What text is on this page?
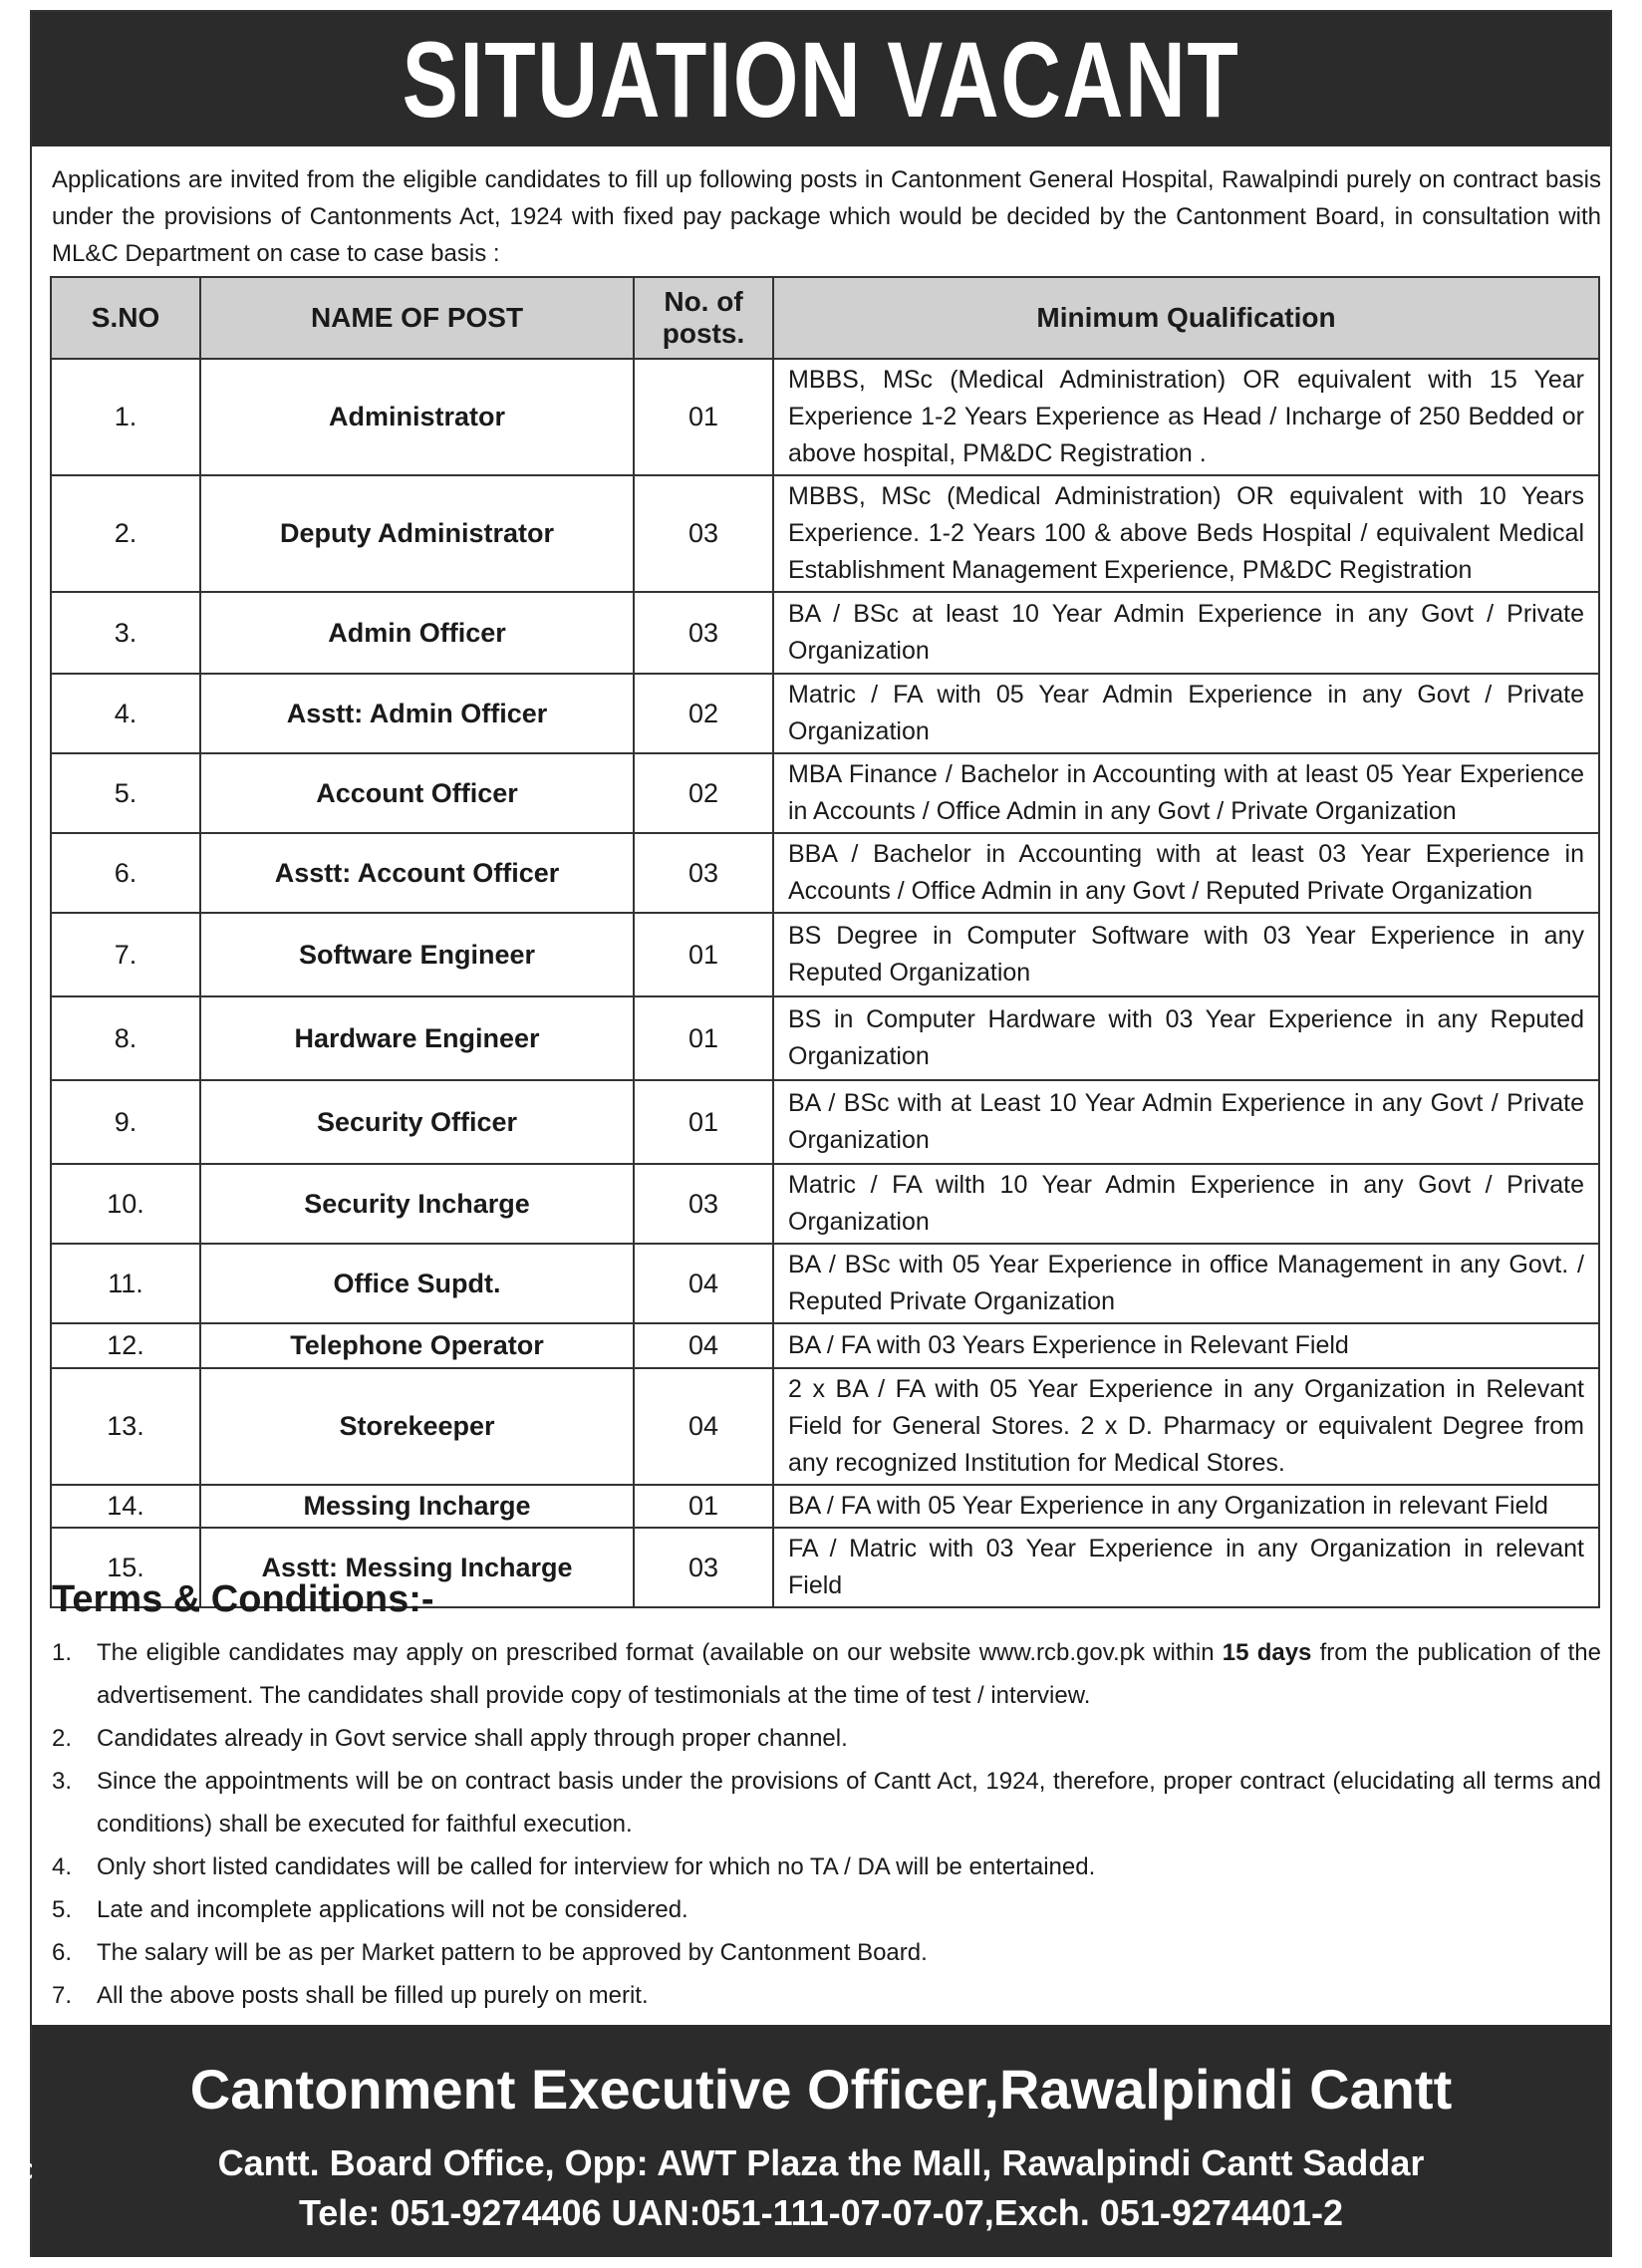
SITUATION VACANT
Applications are invited from the eligible candidates to fill up following posts in Cantonment General Hospital, Rawalpindi purely on contract basis under the provisions of Cantonments Act, 1924 with fixed pay package which would be decided by the Cantonment Board, in consultation with ML&C Department on case to case basis :
S.NO	NAME OF POST	No. of posts.	Minimum Qualification
1.	Administrator	01	MBBS, MSc (Medical Administration) OR equivalent with 15 Year Experience 1-2 Years Experience as Head / Incharge of 250 Bedded or above hospital, PM&DC Registration .
2.	Deputy Administrator	03	MBBS, MSc (Medical Administration) OR equivalent with 10 Years Experience. 1-2 Years 100 & above Beds Hospital / equivalent Medical Establishment Management Experience, PM&DC Registration
3.	Admin Officer	03	BA / BSc at least 10 Year Admin Experience in any Govt / Private Organization
4.	Asstt: Admin Officer	02	Matric / FA with 05 Year Admin Experience in any Govt / Private Organization
5.	Account Officer	02	MBA Finance / Bachelor in Accounting with at least 05 Year Experience in Accounts / Office Admin in any Govt / Private Organization
6.	Asstt: Account Officer	03	BBA / Bachelor in Accounting with at least 03 Year Experience in Accounts / Office Admin in any Govt / Reputed Private Organization
7.	Software Engineer	01	BS Degree in Computer Software with 03 Year Experience in any Reputed Organization
8.	Hardware Engineer	01	BS in Computer Hardware with 03 Year Experience in any Reputed Organization
9.	Security Officer	01	BA / BSc with at Least 10 Year Admin Experience in any Govt / Private Organization
10.	Security Incharge	03	Matric / FA wilth 10 Year Admin Experience in any Govt / Private Organization
11.	Office Supdt.	04	BA / BSc with 05 Year Experience in office Management in any Govt. / Reputed Private Organization
12.	Telephone Operator	04	BA / FA with 03 Years Experience in Relevant Field
13.	Storekeeper	04	2 x BA / FA with 05 Year Experience in any Organization in Relevant Field for General Stores. 2 x D. Pharmacy or equivalent Degree from any recognized Institution for Medical Stores.
14.	Messing Incharge	01	BA / FA with 05 Year Experience in any Organization in relevant Field
15.	Asstt: Messing Incharge	03	FA / Matric with 03 Year Experience in any Organization in relevant Field
Terms & Conditions:-
1.	The eligible candidates may apply on prescribed format (available on our website www.rcb.gov.pk within 15 days from the publication of the advertisement. The candidates shall provide copy of testimonials at the time of test / interview.
2.	Candidates already in Govt service shall apply through proper channel.
3.	Since the appointments will be on contract basis under the provisions of Cantt Act, 1924, therefore, proper contract (elucidating all terms and conditions) shall be executed for faithful execution.
4.	Only short listed candidates will be called for interview for which no TA / DA will be entertained.
5.	Late and incomplete applications will not be considered.
6.	The salary will be as per Market pattern to be approved by Cantonment Board.
7.	All the above posts shall be filled up purely on merit.
Cantonment Executive Officer,Rawalpindi Cantt
Cantt. Board Office, Opp: AWT Plaza the Mall, Rawalpindi Cantt Saddar
Tele: 051-9274406 UAN:051-111-07-07-07,Exch. 051-9274401-2
PID(I)4392/17
